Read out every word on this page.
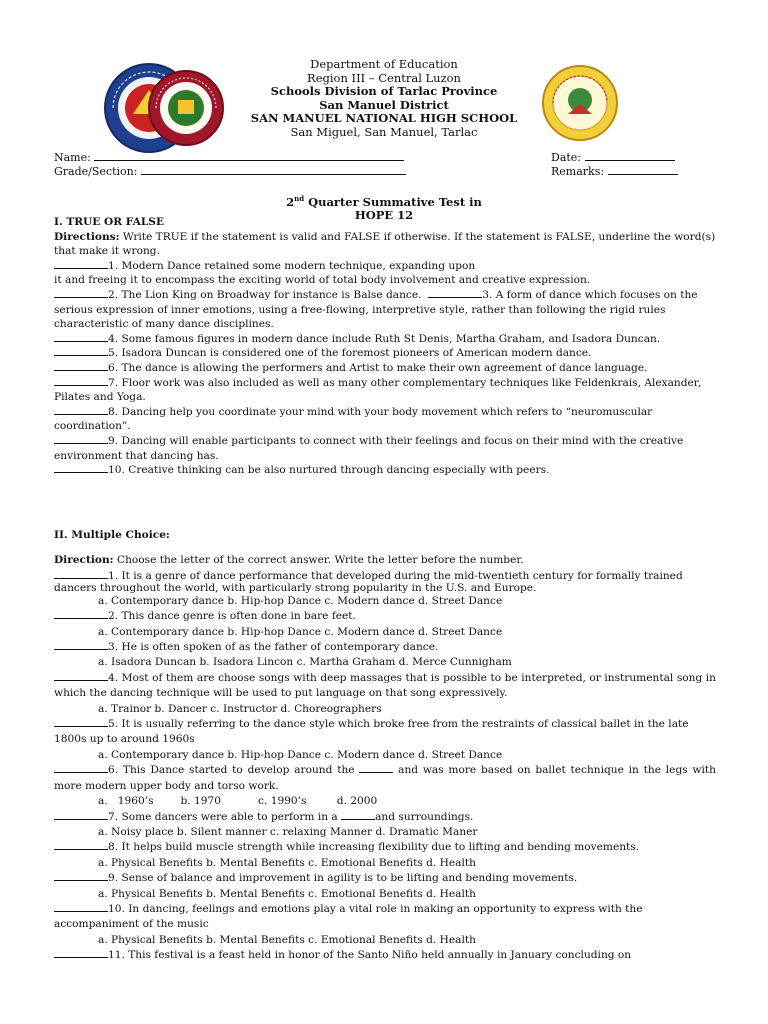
Department of Education
Region III – Central Luzon
Schools Division of Tarlac Province
San Manuel District
SAN MANUEL NATIONAL HIGH SCHOOL
San Miguel, San Manuel, Tarlac
Name:	Date:
Grade/Section:	Remarks:
2nd Quarter Summative Test in
HOPE 12
I. TRUE OR FALSE

Directions: Write TRUE if the statement is valid and FALSE if otherwise. If the statement is FALSE, underline the word(s) that make it wrong.

1. Modern Dance retained some modern technique, expanding upon

it and freeing it to encompass the exciting world of total body involvement and creative expression.

2. The Lion King on Broadway for instance is Balse dance.	3. A form of dance which focuses on the serious expression of inner emotions, using a free-flowing, interpretive style, rather than following the rigid rules characteristic of many dance disciplines.

4. Some famous figures in modern dance include Ruth St Denis, Martha Graham, and Isadora Duncan.

5. Isadora Duncan is considered one of the foremost pioneers of American modern dance.

6. The dance is allowing the performers and Artist to make their own agreement of dance language.

7. Floor work was also included as well as many other complementary techniques like Feldenkrais, Alexander, Pilates and Yoga.

8. Dancing help you coordinate your mind with your body movement which refers to “neuromuscular coordination”.

9. Dancing will enable participants to connect with their feelings and focus on their mind with the creative environment that dancing has.

10. Creative thinking can be also nurtured through dancing especially with peers.

II. Multiple Choice:

Direction: Choose the letter of the correct answer. Write the letter before the number.

1. It is a genre of dance performance that developed during the mid-twentieth century for formally trained dancers throughout the world, with particularly strong popularity in the U.S. and Europe.

a. Contemporary dance b. Hip-hop Dance c. Modern dance d. Street Dance

2. This dance genre is often done in bare feet.

a. Contemporary dance b. Hip-hop Dance c. Modern dance d. Street Dance

3. He is often spoken of as the father of contemporary dance.

a. Isadora Duncan b. Isadora Lincon c. Martha Graham d. Merce Cunnigham

4. Most of them are choose songs with deep massages that is possible to be interpreted, or instrumental song in which the dancing technique will be used to put language on that song expressively.

a. Trainor b. Dancer c. Instructor d. Choreographers

5. It is usually referring to the dance style which broke free from the restraints of classical ballet in the late 1800s up to around 1960s

a. Contemporary dance b. Hip-hop Dance c. Modern dance d. Street Dance

6. This Dance started to develop around the	and was more based on ballet technique in the legs with more modern upper body and torso work.

a. 1960’s	b. 1970	c. 1990’s	d. 2000

7. Some dancers were able to perform in a	and surroundings.

a. Noisy place b. Silent manner c. relaxing Manner d. Dramatic Maner

8. It helps build muscle strength while increasing flexibility due to lifting and bending movements.

a. Physical Benefits b. Mental Benefits c. Emotional Benefits d. Health

9. Sense of balance and improvement in agility is to be lifting and bending movements.

a. Physical Benefits b. Mental Benefits c. Emotional Benefits d. Health

10. In dancing, feelings and emotions play a vital role in making an opportunity to express with the accompaniment of the music

a. Physical Benefits b. Mental Benefits c. Emotional Benefits d. Health

11. This festival is a feast held in honor of the Santo Niño held annually in January concluding on
